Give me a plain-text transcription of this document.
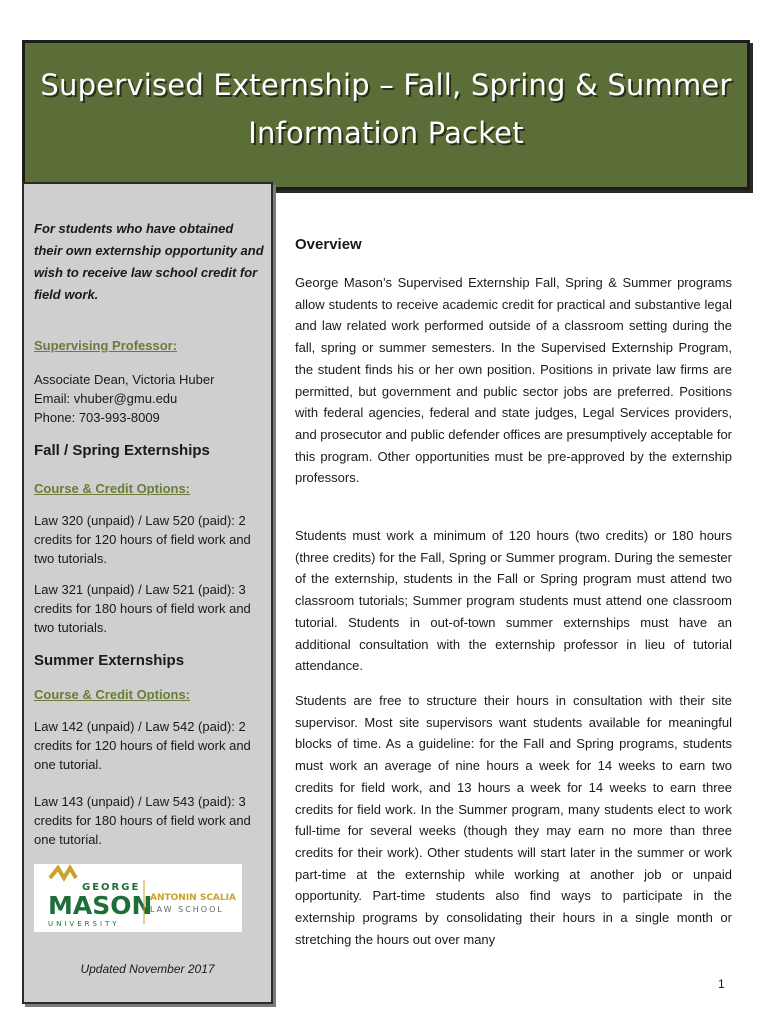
Supervised Externship – Fall, Spring & Summer
Information Packet
For students who have obtained their own externship opportunity and wish to receive law school credit for field work.
Supervising Professor:
Associate Dean, Victoria Huber
Email: vhuber@gmu.edu
Phone: 703-993-8009
Fall / Spring Externships
Course & Credit Options:
Law 320 (unpaid) / Law 520 (paid): 2 credits for 120 hours of field work and two tutorials.
Law 321 (unpaid) / Law 521 (paid): 3 credits for 180 hours of field work and two tutorials.
Summer Externships
Course & Credit Options:
Law 142 (unpaid) / Law 542 (paid): 2 credits for 120 hours of field work and one tutorial.
Law 143 (unpaid) / Law 543 (paid): 3 credits for 180 hours of field work and one tutorial.
GEORGE
MASON
UNIVERSITY
ANTONIN SCALIA
LAW SCHOOL
Updated November 2017
Overview

George Mason’s Supervised Externship Fall, Spring & Summer programs allow students to receive academic credit for practical and substantive legal and law related work performed outside of a classroom setting during the fall, spring or summer semesters. In the Supervised Externship Program, the student finds his or her own position. Positions in private law firms are permitted, but government and public sector jobs are preferred. Positions with federal agencies, federal and state judges, Legal Services providers, and prosecutor and public defender offices are presumptively acceptable for this program. Other opportunities must be pre-approved by the externship professors.

Students must work a minimum of 120 hours (two credits) or 180 hours (three credits) for the Fall, Spring or Summer program. During the semester of the externship, students in the Fall or Spring program must attend two classroom tutorials; Summer program students must attend one classroom tutorial. Students in out-of-town summer externships must have an additional consultation with the externship professor in lieu of tutorial attendance.

Students are free to structure their hours in consultation with their site supervisor. Most site supervisors want students available for meaningful blocks of time. As a guideline: for the Fall and Spring programs, students must work an average of nine hours a week for 14 weeks to earn two credits for field work, and 13 hours a week for 14 weeks to earn three credits for field work. In the Summer program, many students elect to work full-time for several weeks (though they may earn no more than three credits for their work). Other students will start later in the summer or work part-time at the externship while working at another job or unpaid opportunity. Part-time students also find ways to participate in the externship programs by consolidating their hours in a single month or stretching the hours out over many

1
